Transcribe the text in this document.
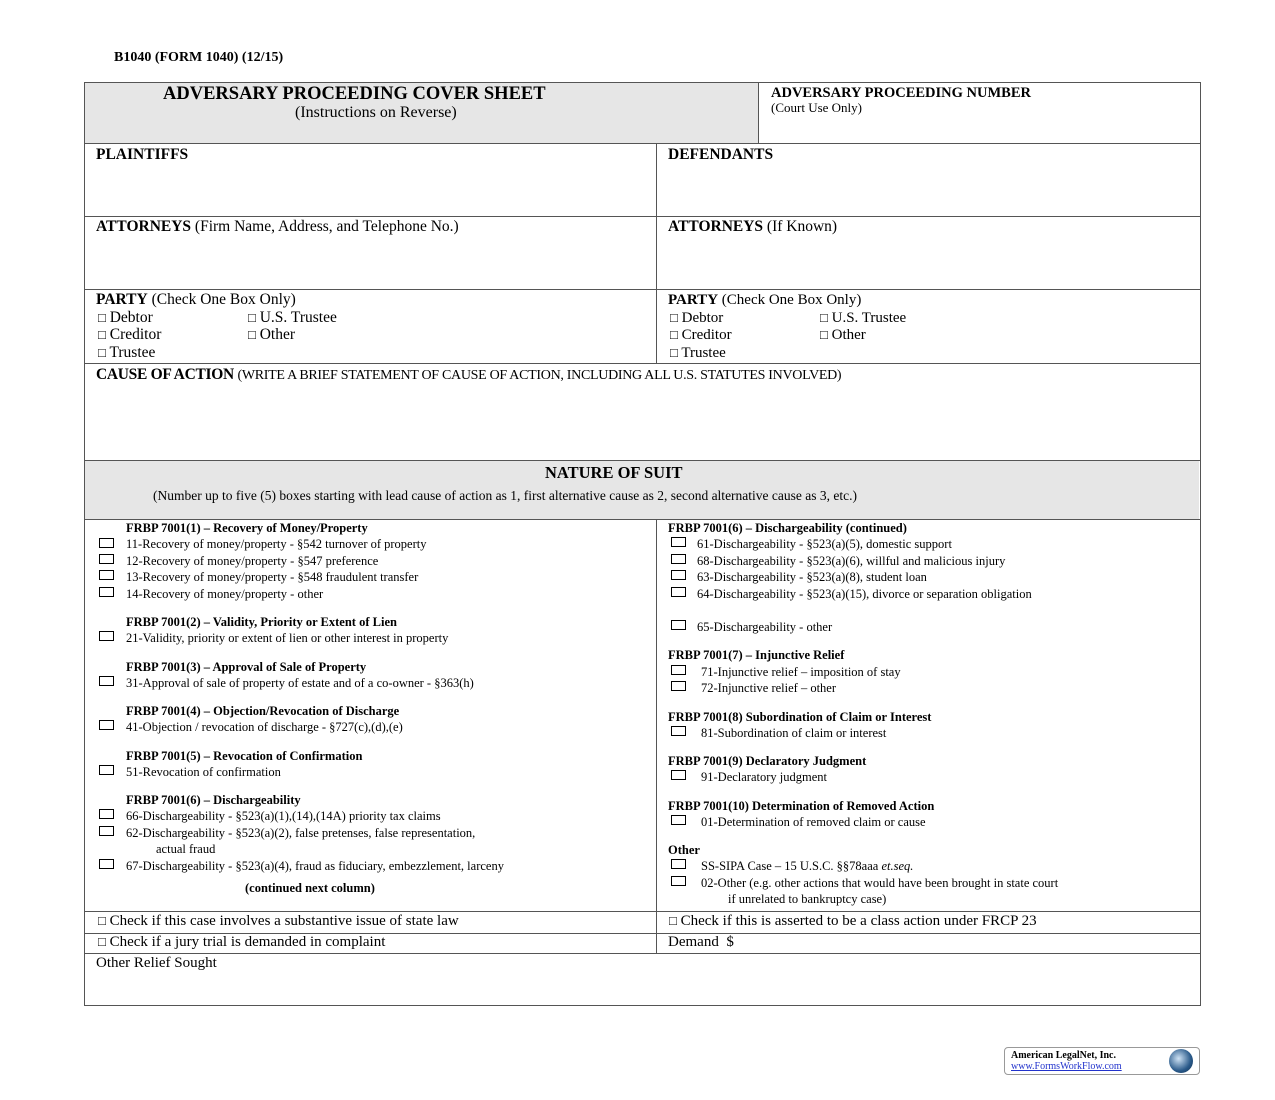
B1040 (FORM 1040) (12/15)
ADVERSARY PROCEEDING COVER SHEET
(Instructions on Reverse)
ADVERSARY PROCEEDING NUMBER
(Court Use Only)
PLAINTIFFS	DEFENDANTS
ATTORNEYS (Firm Name, Address, and Telephone No.)	ATTORNEYS (If Known)
PARTY (Check One Box Only)
□ Debtor	□ U.S. Trustee
□ Creditor	□ Other
□ Trustee
PARTY (Check One Box Only)
□ Debtor	□ U.S. Trustee
□ Creditor	□ Other
□ Trustee
CAUSE OF ACTION (WRITE A BRIEF STATEMENT OF CAUSE OF ACTION, INCLUDING ALL U.S. STATUTES INVOLVED)
NATURE OF SUIT
(Number up to five (5) boxes starting with lead cause of action as 1, first alternative cause as 2, second alternative cause as 3, etc.)
FRBP 7001(1) – Recovery of Money/Property
11-Recovery of money/property - §542 turnover of property
12-Recovery of money/property - §547 preference
13-Recovery of money/property - §548 fraudulent transfer
14-Recovery of money/property - other
FRBP 7001(2) – Validity, Priority or Extent of Lien
21-Validity, priority or extent of lien or other interest in property
FRBP 7001(3) – Approval of Sale of Property
31-Approval of sale of property of estate and of a co-owner - §363(h)
FRBP 7001(4) – Objection/Revocation of Discharge
41-Objection / revocation of discharge - §727(c),(d),(e)
FRBP 7001(5) – Revocation of Confirmation
51-Revocation of confirmation
FRBP 7001(6) – Dischargeability
66-Dischargeability - §523(a)(1),(14),(14A) priority tax claims
62-Dischargeability - §523(a)(2), false pretenses, false representation,
actual fraud
67-Dischargeability - §523(a)(4), fraud as fiduciary, embezzlement, larceny
(continued next column)
FRBP 7001(6) – Dischargeability (continued)
61-Dischargeability - §523(a)(5), domestic support
68-Dischargeability - §523(a)(6), willful and malicious injury
63-Dischargeability - §523(a)(8), student loan
64-Dischargeability - §523(a)(15), divorce or separation obligation
65-Dischargeability - other
FRBP 7001(7) – Injunctive Relief
71-Injunctive relief – imposition of stay
72-Injunctive relief – other
FRBP 7001(8) Subordination of Claim or Interest
81-Subordination of claim or interest
FRBP 7001(9) Declaratory Judgment
91-Declaratory judgment
FRBP 7001(10) Determination of Removed Action
01-Determination of removed claim or cause
Other
SS-SIPA Case – 15 U.S.C. §§78aaa et.seq.
02-Other (e.g. other actions that would have been brought in state court
if unrelated to bankruptcy case)
□ Check if this case involves a substantive issue of state law	□ Check if this is asserted to be a class action under FRCP 23
□ Check if a jury trial is demanded in complaint	Demand  $
Other Relief Sought
American LegalNet, Inc.
www.FormsWorkFlow.com
